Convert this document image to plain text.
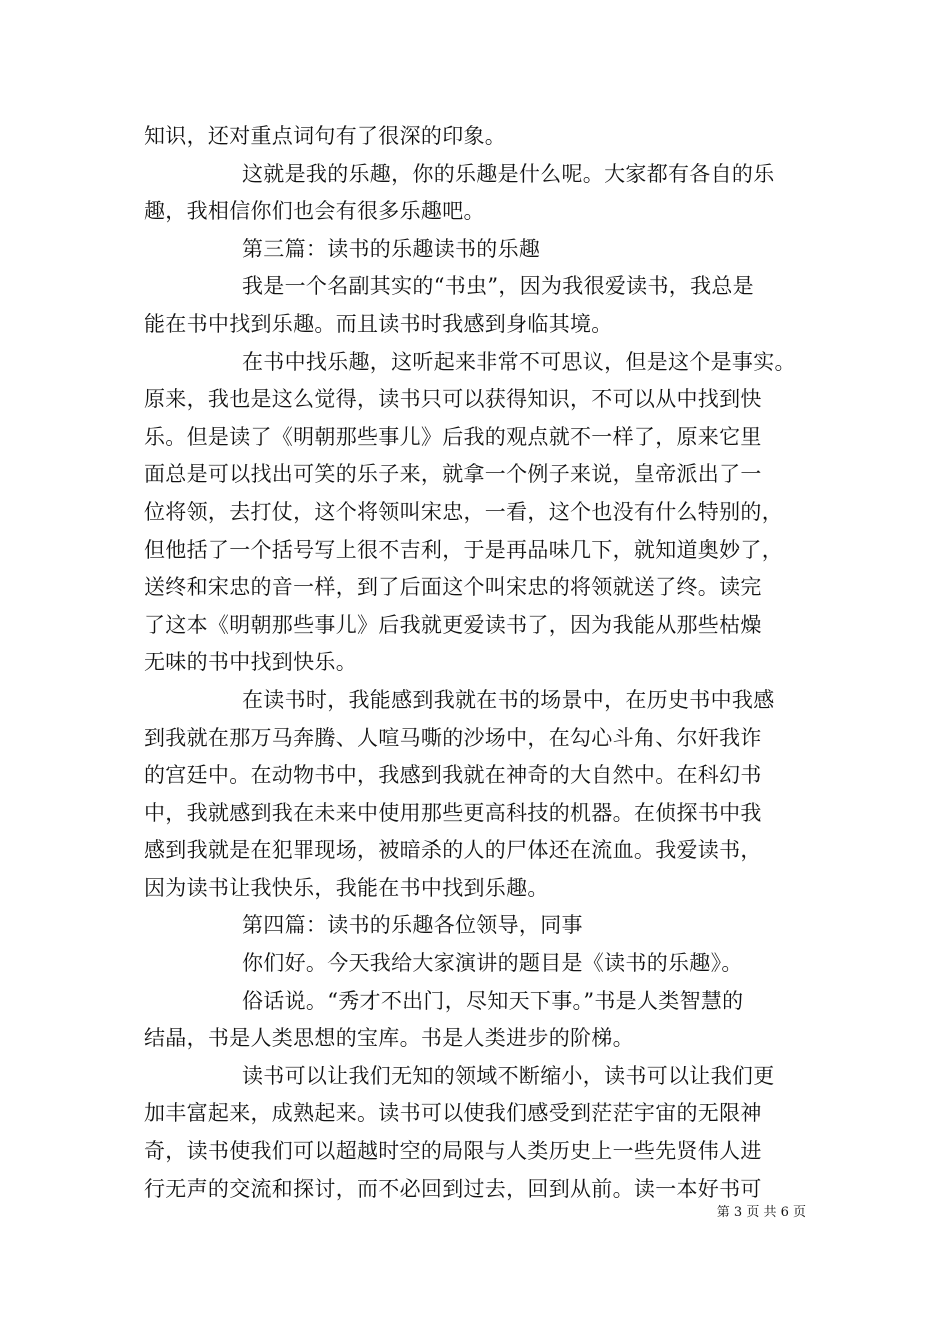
知识，还对重点词句有了很深的印象。
这就是我的乐趣，你的乐趣是什么呢。大家都有各自的乐
趣，我相信你们也会有很多乐趣吧。
第三篇：读书的乐趣读书的乐趣
我是一个名副其实的“书虫”，因为我很爱读书，我总是
能在书中找到乐趣。而且读书时我感到身临其境。
在书中找乐趣，这听起来非常不可思议，但是这个是事实。
原来，我也是这么觉得，读书只可以获得知识，不可以从中找到快
乐。但是读了《明朝那些事儿》后我的观点就不一样了，原来它里
面总是可以找出可笑的乐子来，就拿一个例子来说，皇帝派出了一
位将领，去打仗，这个将领叫宋忠，一看，这个也没有什么特别的，
但他括了一个括号写上很不吉利，于是再品味几下，就知道奥妙了，
送终和宋忠的音一样，到了后面这个叫宋忠的将领就送了终。读完
了这本《明朝那些事儿》后我就更爱读书了，因为我能从那些枯燥
无味的书中找到快乐。
在读书时，我能感到我就在书的场景中，在历史书中我感
到我就在那万马奔腾、人喧马嘶的沙场中，在勾心斗角、尔奸我诈
的宫廷中。在动物书中，我感到我就在神奇的大自然中。在科幻书
中，我就感到我在未来中使用那些更高科技的机器。在侦探书中我
感到我就是在犯罪现场，被暗杀的人的尸体还在流血。我爱读书，
因为读书让我快乐，我能在书中找到乐趣。
第四篇：读书的乐趣各位领导，同事
你们好。今天我给大家演讲的题目是《读书的乐趣》。
俗话说。“秀才不出门，尽知天下事。”书是人类智慧的
结晶，书是人类思想的宝库。书是人类进步的阶梯。
读书可以让我们无知的领域不断缩小，读书可以让我们更
加丰富起来，成熟起来。读书可以使我们感受到茫茫宇宙的无限神
奇，读书使我们可以超越时空的局限与人类历史上一些先贤伟人进
行无声的交流和探讨，而不必回到过去，回到从前。读一本好书可
第 3 页 共 6 页
